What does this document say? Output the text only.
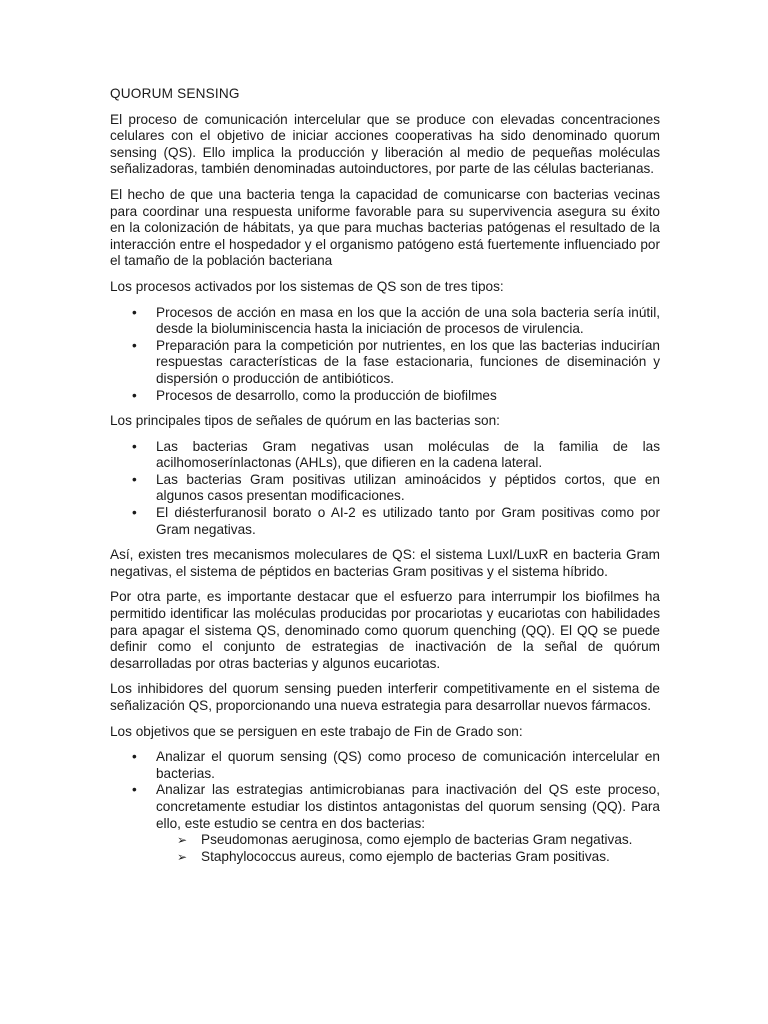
QUORUM SENSING

El proceso de comunicación intercelular que se produce con elevadas concentraciones celulares con el objetivo de iniciar acciones cooperativas ha sido denominado quorum sensing (QS). Ello implica la producción y liberación al medio de pequeñas moléculas señalizadoras, también denominadas autoinductores, por parte de las células bacterianas.

El hecho de que una bacteria tenga la capacidad de comunicarse con bacterias vecinas para coordinar una respuesta uniforme favorable para su supervivencia asegura su éxito en la colonización de hábitats, ya que para muchas bacterias patógenas el resultado de la interacción entre el hospedador y el organismo patógeno está fuertemente influenciado por el tamaño de la población bacteriana

Los procesos activados por los sistemas de QS son de tres tipos:

• Procesos de acción en masa en los que la acción de una sola bacteria sería inútil, desde la bioluminiscencia hasta la iniciación de procesos de virulencia.
• Preparación para la competición por nutrientes, en los que las bacterias inducirían respuestas características de la fase estacionaria, funciones de diseminación y dispersión o producción de antibióticos.
• Procesos de desarrollo, como la producción de biofilmes

Los principales tipos de señales de quórum en las bacterias son:

• Las bacterias Gram negativas usan moléculas de la familia de las acilhomoserínlactonas (AHLs), que difieren en la cadena lateral.
• Las bacterias Gram positivas utilizan aminoácidos y péptidos cortos, que en algunos casos presentan modificaciones.
• El diésterfuranosil borato o AI-2 es utilizado tanto por Gram positivas como por Gram negativas.

Así, existen tres mecanismos moleculares de QS: el sistema LuxI/LuxR en bacteria Gram negativas, el sistema de péptidos en bacterias Gram positivas y el sistema híbrido.

Por otra parte, es importante destacar que el esfuerzo para interrumpir los biofilmes ha permitido identificar las moléculas producidas por procariotas y eucariotas con habilidades para apagar el sistema QS, denominado como quorum quenching (QQ). El QQ se puede definir como el conjunto de estrategias de inactivación de la señal de quórum desarrolladas por otras bacterias y algunos eucariotas.

Los inhibidores del quorum sensing pueden interferir competitivamente en el sistema de señalización QS, proporcionando una nueva estrategia para desarrollar nuevos fármacos.

Los objetivos que se persiguen en este trabajo de Fin de Grado son:

• Analizar el quorum sensing (QS) como proceso de comunicación intercelular en bacterias.
• Analizar las estrategias antimicrobianas para inactivación del QS este proceso, concretamente estudiar los distintos antagonistas del quorum sensing (QQ). Para ello, este estudio se centra en dos bacterias:
➢ Pseudomonas aeruginosa, como ejemplo de bacterias Gram negativas.
➢ Staphylococcus aureus, como ejemplo de bacterias Gram positivas.
